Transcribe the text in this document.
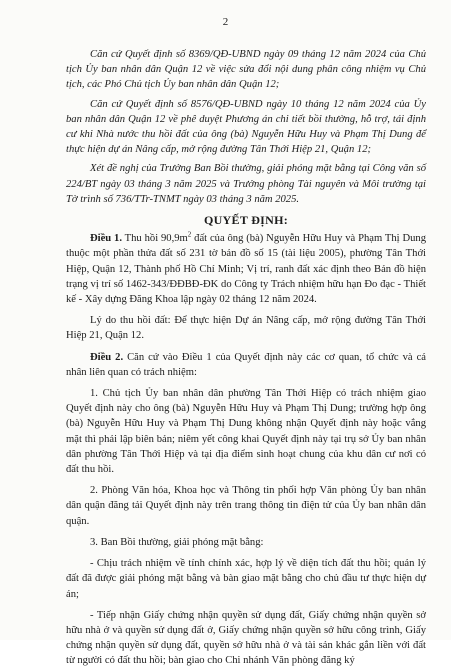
2

Căn cứ Quyết định số 8369/QĐ-UBND ngày 09 tháng 12 năm 2024 của Chủ tịch Ủy ban nhân dân Quận 12 về việc sửa đổi nội dung phân công nhiệm vụ Chủ tịch, các Phó Chủ tịch Ủy ban nhân dân Quận 12;

Căn cứ Quyết định số 8576/QĐ-UBND ngày 10 tháng 12 năm 2024 của Ủy ban nhân dân Quận 12 về phê duyệt Phương án chi tiết bồi thường, hỗ trợ, tái định cư khi Nhà nước thu hồi đất của ông (bà) Nguyễn Hữu Huy và Phạm Thị Dung để thực hiện dự án Nâng cấp, mở rộng đường Tân Thới Hiệp 21, Quận 12;

Xét đề nghị của Trưởng Ban Bồi thường, giải phóng mặt bằng tại Công văn số 224/BT ngày 03 tháng 3 năm 2025 và Trưởng phòng Tài nguyên và Môi trường tại Tờ trình số 736/TTr-TNMT ngày 03 tháng 3 năm 2025.

QUYẾT ĐỊNH:

Điều 1. Thu hồi $90,9m^2$ đất của ông (bà) Nguyễn Hữu Huy và Phạm Thị Dung thuộc một phần thửa đất số 231 tờ bản đồ số 15 (tài liệu 2005), phường Tân Thới Hiệp, Quận 12, Thành phố Hồ Chí Minh; Vị trí, ranh đất xác định theo Bản đồ hiện trạng vị trí số 1462-343/ĐĐBĐ-ĐK do Công ty Trách nhiệm hữu hạn Đo đạc - Thiết kế - Xây dựng Đăng Khoa lập ngày 02 tháng 12 năm 2024.

Lý do thu hồi đất: Để thực hiện Dự án Nâng cấp, mở rộng đường Tân Thới Hiệp 21, Quận 12.

Điều 2. Căn cứ vào Điều 1 của Quyết định này các cơ quan, tổ chức và cá nhân liên quan có trách nhiệm:

1. Chủ tịch Ủy ban nhân dân phường Tân Thới Hiệp có trách nhiệm giao Quyết định này cho ông (bà) Nguyễn Hữu Huy và Phạm Thị Dung; trường hợp ông (bà) Nguyễn Hữu Huy và Phạm Thị Dung không nhận Quyết định này hoặc vắng mặt thì phải lập biên bản; niêm yết công khai Quyết định này tại trụ sở Ủy ban nhân dân phường Tân Thới Hiệp và tại địa điểm sinh hoạt chung của khu dân cư nơi có đất thu hồi.

2. Phòng Văn hóa, Khoa học và Thông tin phối hợp Văn phòng Ủy ban nhân dân quận đăng tải Quyết định này trên trang thông tin điện tử của Ủy ban nhân dân quận.

3. Ban Bồi thường, giải phóng mặt bằng:

- Chịu trách nhiệm về tính chính xác, hợp lý về diện tích đất thu hồi; quản lý đất đã được giải phóng mặt bằng và bàn giao mặt bằng cho chủ đầu tư thực hiện dự án;

- Tiếp nhận Giấy chứng nhận quyền sử dụng đất, Giấy chứng nhận quyền sở hữu nhà ở và quyền sử dụng đất ở, Giấy chứng nhận quyền sở hữu công trình, Giấy chứng nhận quyền sử dụng đất, quyền sở hữu nhà ở và tài sản khác gắn liền với đất từ người có đất thu hồi; bàn giao cho Chi nhánh Văn phòng đăng ký
